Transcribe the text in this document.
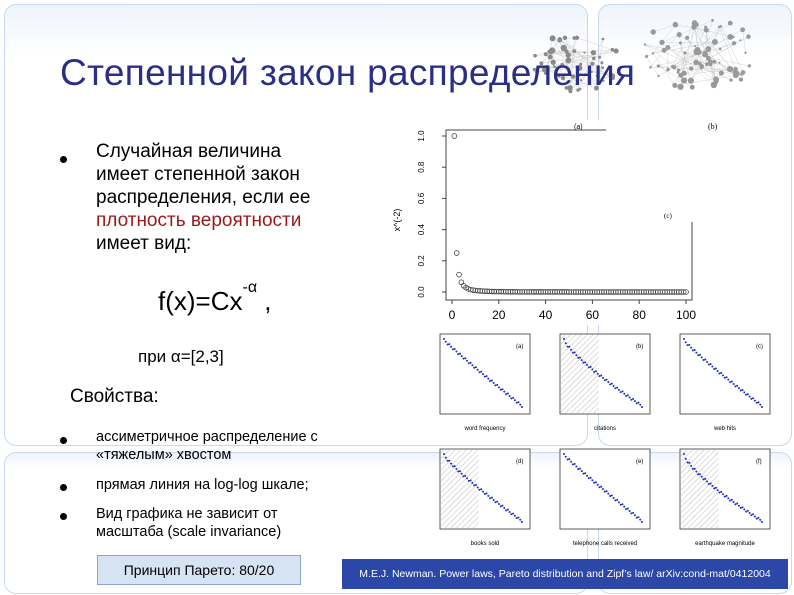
Степенной закон распределения
Случайная величина
имеет степенной закон
распределения, если ее
плотность вероятности
имеет вид:
$f(x)=Cx^{-\alpha}$ ,
при α=[2,3]
Свойства:
ассиметричное распределение с
«тяжелым» хвостом
прямая линия на log-log шкале;
Вид графика не зависит от
масштаба (scale invariance)
Принцип Парето: 80/20	M.E.J. Newman. Power laws, Pareto distribution and Zipf’s law/ arXiv:cond-mat/0412004
x^(-2)
(a)
0.0
0.2
0.4
0.6
0.8
1.0
0	20	40	60	80	100
(b)
(c)
(a)
word frequency
(b)
citations
(c)
web hits
(d)
books sold
(e)
telephone calls received
(f)
earthquake magnitude
